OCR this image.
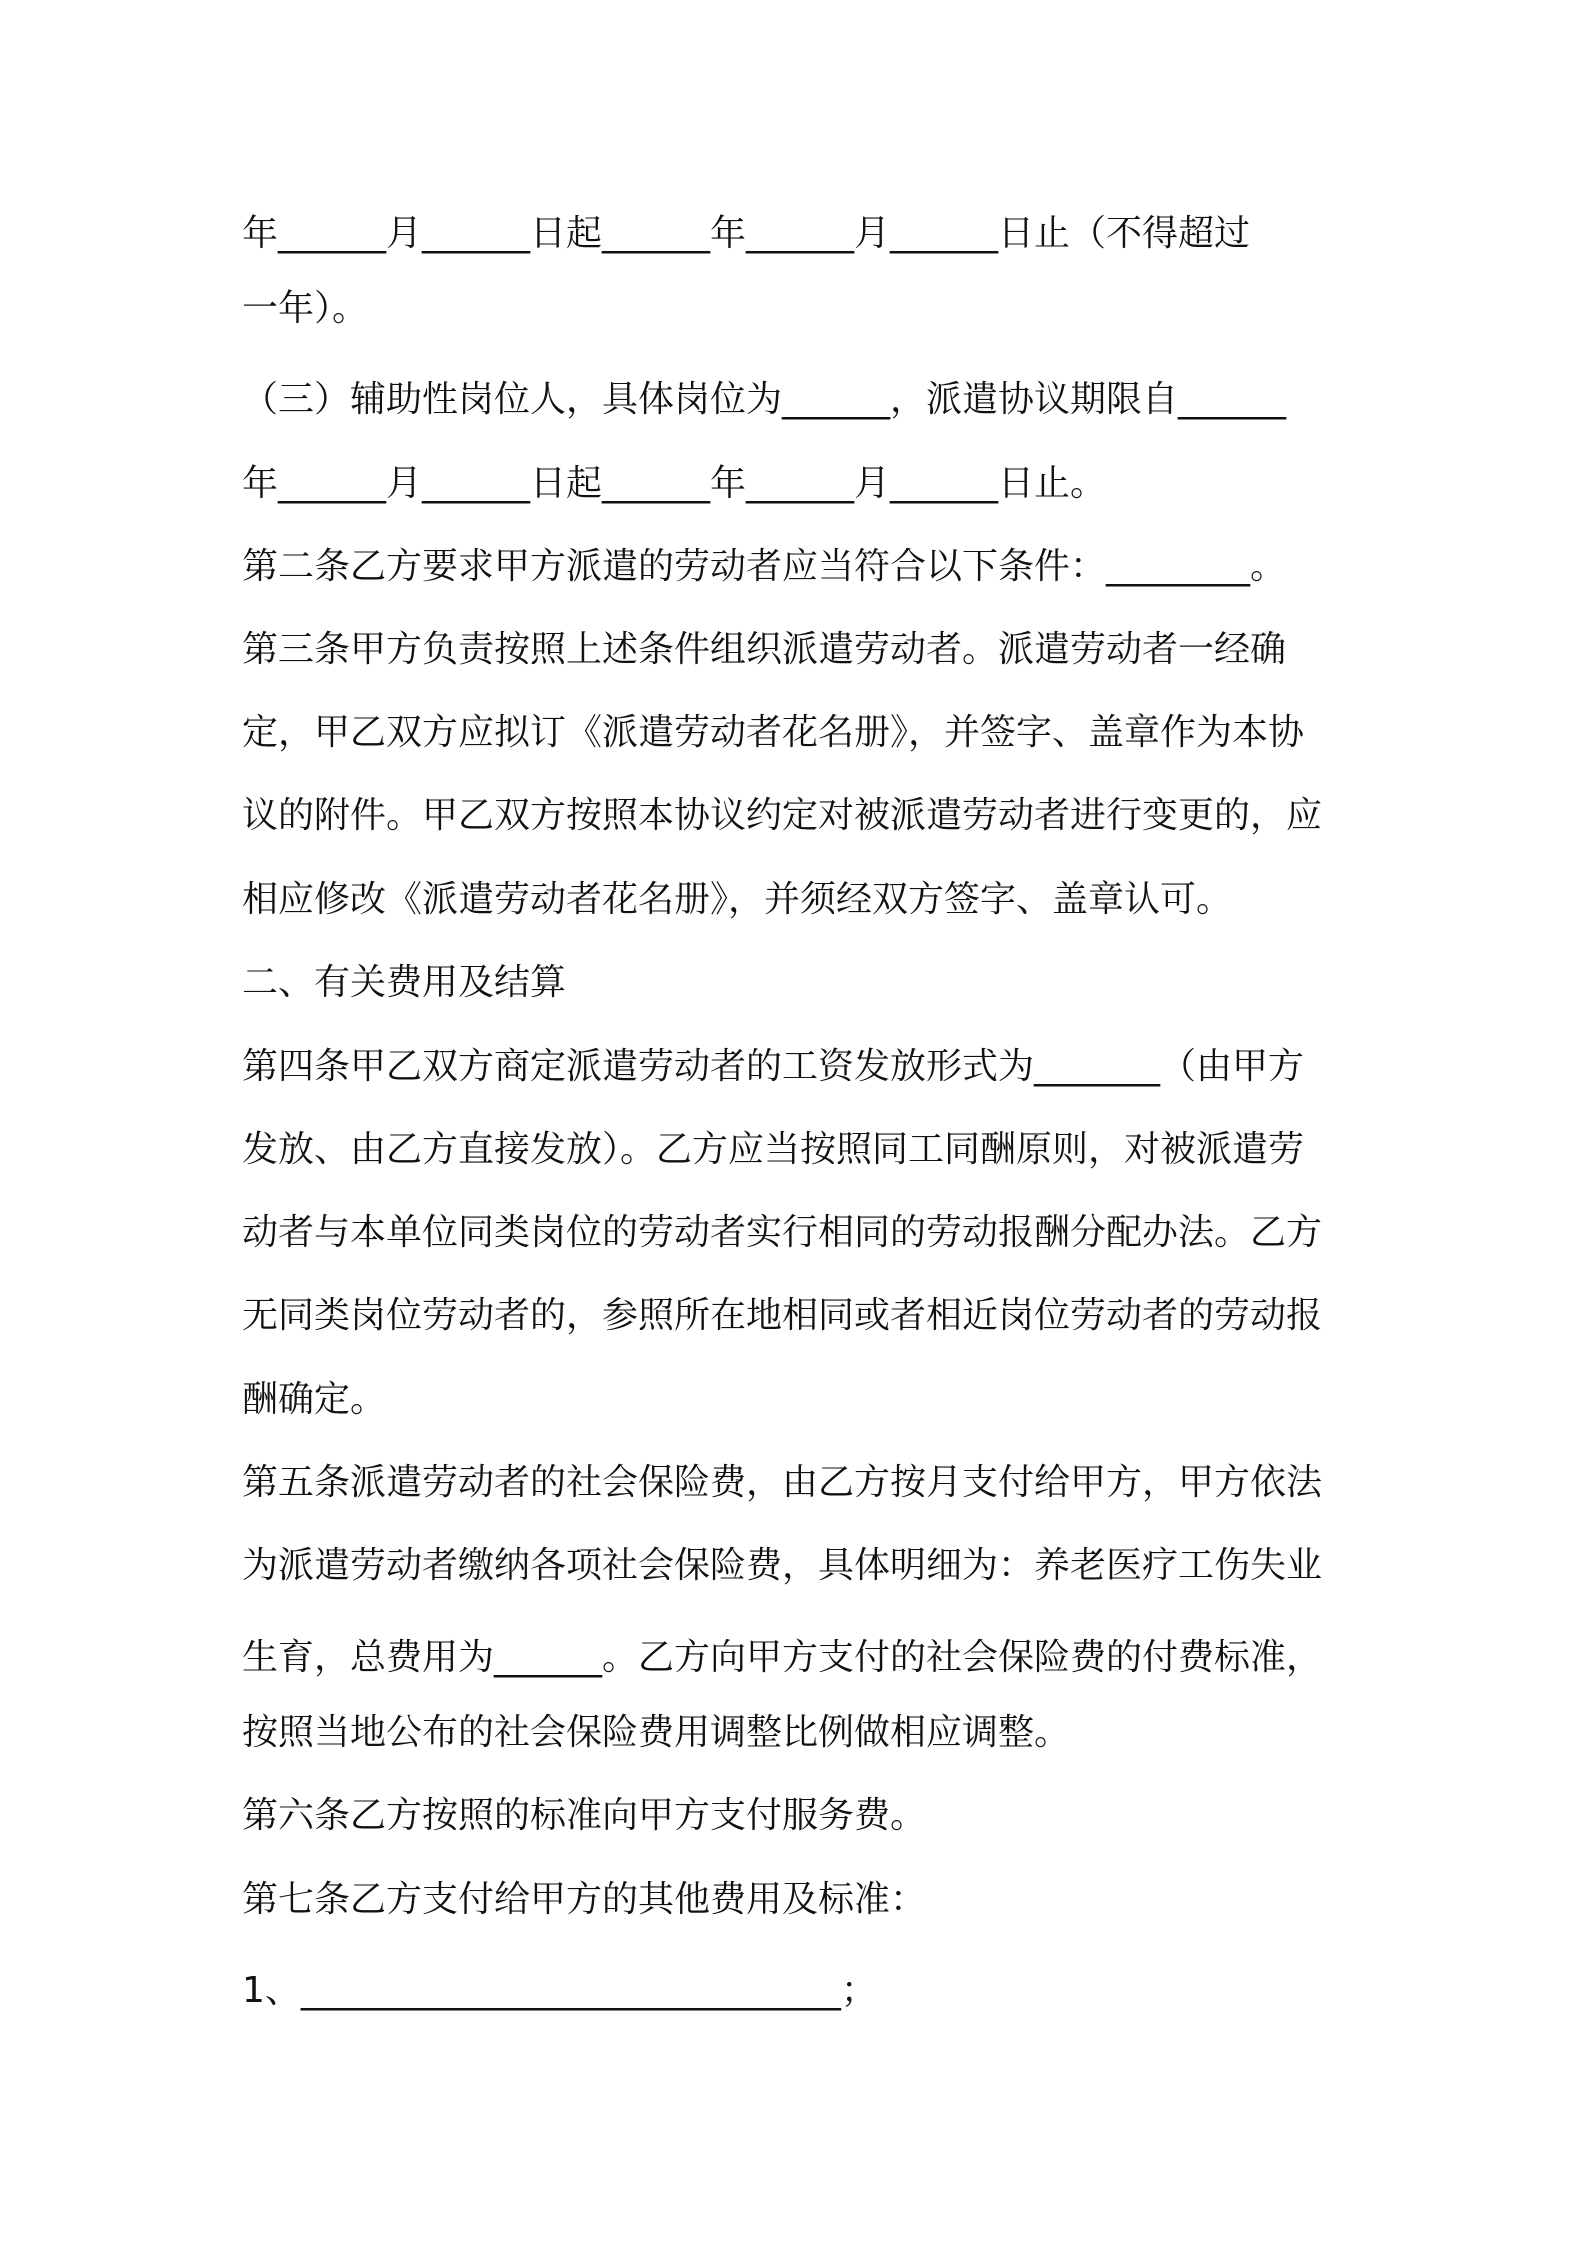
年______月______日起______年______月______日止（不得超过
一年）。
（三）辅助性岗位人，具体岗位为______，派遣协议期限自______
年______月______日起______年______月______日止。
第二条乙方要求甲方派遣的劳动者应当符合以下条件：________。
第三条甲方负责按照上述条件组织派遣劳动者。派遣劳动者一经确
定，甲乙双方应拟订《派遣劳动者花名册》，并签字、盖章作为本协
议的附件。甲乙双方按照本协议约定对被派遣劳动者进行变更的，应
相应修改《派遣劳动者花名册》，并须经双方签字、盖章认可。
二、有关费用及结算
第四条甲乙双方商定派遣劳动者的工资发放形式为_______（由甲方
发放、由乙方直接发放）。乙方应当按照同工同酬原则，对被派遣劳
动者与本单位同类岗位的劳动者实行相同的劳动报酬分配办法。乙方
无同类岗位劳动者的，参照所在地相同或者相近岗位劳动者的劳动报
酬确定。
第五条派遣劳动者的社会保险费，由乙方按月支付给甲方，甲方依法
为派遣劳动者缴纳各项社会保险费，具体明细为：养老医疗工伤失业
生育，总费用为______。乙方向甲方支付的社会保险费的付费标准，
按照当地公布的社会保险费用调整比例做相应调整。
第六条乙方按照的标准向甲方支付服务费。
第七条乙方支付给甲方的其他费用及标准：
1、______________________________；
